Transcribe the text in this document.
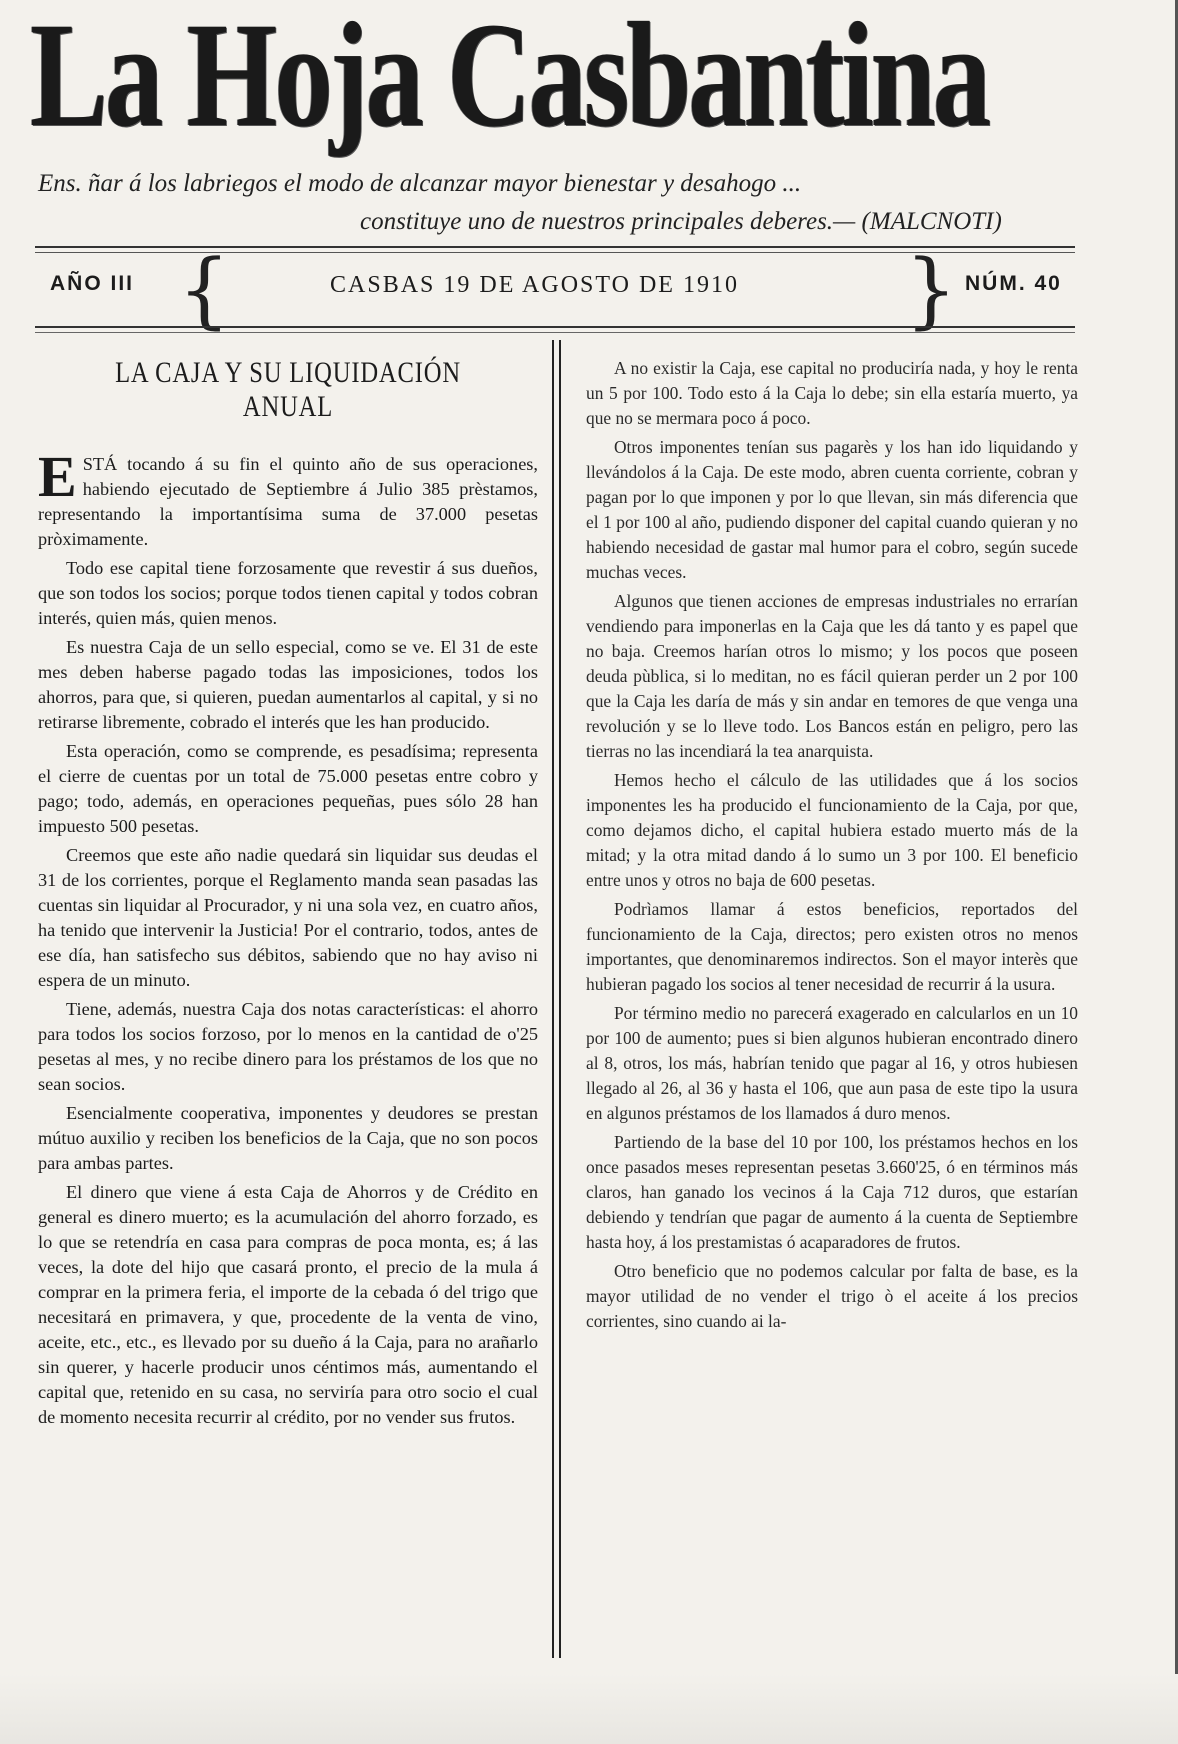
La Hoja Casbantina
Ens. ñar á los labriegos el modo de alcanzar mayor bienestar y desahogo ...
constituye uno de nuestros principales deberes.— (MALCNOTI)
AÑO III {	CASBAS 19 DE AGOSTO DE 1910 } NÚM. 40
LA CAJA Y SU LIQUIDACIÓN ANUAL

ESTÁ tocando á su fin el quinto año de sus operaciones, habiendo ejecutado de Septiembre á Julio 385 prèstamos, representando la importantísima suma de 37.000 pesetas pròximamente.

Todo ese capital tiene forzosamente que revestir á sus dueños, que son todos los socios; porque todos tienen capital y todos cobran interés, quien más, quien menos.

Es nuestra Caja de un sello especial, como se ve. El 31 de este mes deben haberse pagado todas las imposiciones, todos los ahorros, para que, si quieren, puedan aumentarlos al capital, y si no retirarse libremente, cobrado el interés que les han producido.

Esta operación, como se comprende, es pesadísima; representa el cierre de cuentas por un total de 75.000 pesetas entre cobro y pago; todo, además, en operaciones pequeñas, pues sólo 28 han impuesto 500 pesetas.

Creemos que este año nadie quedará sin liquidar sus deudas el 31 de los corrientes, porque el Reglamento manda sean pasadas las cuentas sin liquidar al Procurador, y ni una sola vez, en cuatro años, ha tenido que intervenir la Justicia! Por el contrario, todos, antes de ese día, han satisfecho sus débitos, sabiendo que no hay aviso ni espera de un minuto.

Tiene, además, nuestra Caja dos notas características: el ahorro para todos los socios forzoso, por lo menos en la cantidad de o'25 pesetas al mes, y no recibe dinero para los préstamos de los que no sean socios.

Esencialmente cooperativa, imponentes y deudores se prestan mútuo auxilio y reciben los beneficios de la Caja, que no son pocos para ambas partes.

El dinero que viene á esta Caja de Ahorros y de Crédito en general es dinero muerto; es la acumulación del ahorro forzado, es lo que se retendría en casa para compras de poca monta, es; á las veces, la dote del hijo que casará pronto, el precio de la mula á comprar en la primera feria, el importe de la cebada ó del trigo que necesitará en primavera, y que, procedente de la venta de vino, aceite, etc., etc., es llevado por su dueño á la Caja, para no arañarlo sin querer, y hacerle producir unos céntimos más, aumentando el capital que, retenido en su casa, no serviría para otro socio el cual de momento necesita recurrir al crédito, por no vender sus frutos.

A no existir la Caja, ese capital no produciría nada, y hoy le renta un 5 por 100. Todo esto á la Caja lo debe; sin ella estaría muerto, ya que no se mermara poco á poco.

Otros imponentes tenían sus pagarès y los han ido liquidando y llevándolos á la Caja. De este modo, abren cuenta corriente, cobran y pagan por lo que imponen y por lo que llevan, sin más diferencia que el 1 por 100 al año, pudiendo disponer del capital cuando quieran y no habiendo necesidad de gastar mal humor para el cobro, según sucede muchas veces.

Algunos que tienen acciones de empresas industriales no errarían vendiendo para imponerlas en la Caja que les dá tanto y es papel que no baja. Creemos harían otros lo mismo; y los pocos que poseen deuda pùblica, si lo meditan, no es fácil quieran perder un 2 por 100 que la Caja les daría de más y sin andar en temores de que venga una revolución y se lo lleve todo. Los Bancos están en peligro, pero las tierras no las incendiará la tea anarquista.

Hemos hecho el cálculo de las utilidades que á los socios imponentes les ha producido el funcionamiento de la Caja, por que, como dejamos dicho, el capital hubiera estado muerto más de la mitad; y la otra mitad dando á lo sumo un 3 por 100. El beneficio entre unos y otros no baja de 600 pesetas.

Podrìamos llamar á estos beneficios, reportados del funcionamiento de la Caja, directos; pero existen otros no menos importantes, que denominaremos indirectos. Son el mayor interès que hubieran pagado los socios al tener necesidad de recurrir á la usura.

Por término medio no parecerá exagerado en calcularlos en un 10 por 100 de aumento; pues si bien algunos hubieran encontrado dinero al 8, otros, los más, habrían tenido que pagar al 16, y otros hubiesen llegado al 26, al 36 y hasta el 106, que aun pasa de este tipo la usura en algunos préstamos de los llamados á duro menos.

Partiendo de la base del 10 por 100, los préstamos hechos en los once pasados meses representan pesetas 3.660'25, ó en términos más claros, han ganado los vecinos á la Caja 712 duros, que estarían debiendo y tendrían que pagar de aumento á la cuenta de Septiembre hasta hoy, á los prestamistas ó acaparadores de frutos.

Otro beneficio que no podemos calcular por falta de base, es la mayor utilidad de no vender el trigo ò el aceite á los precios corrientes, sino cuando ai la-
